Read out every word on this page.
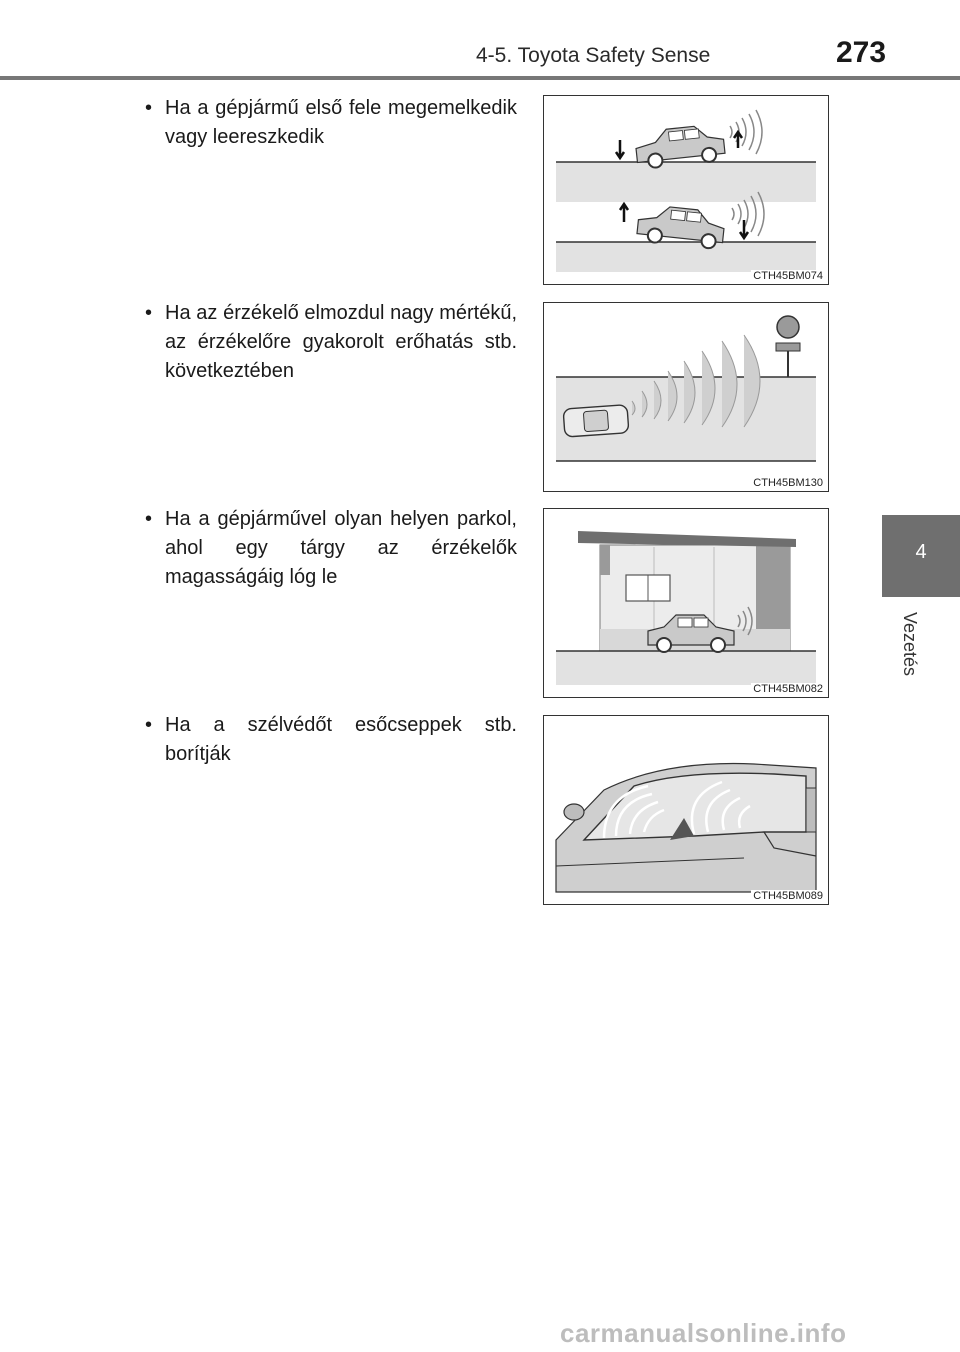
4-5. Toyota Safety Sense	273
4
Vezetés
• Ha a gépjármű első fele megemelkedik vagy leereszkedik
CTH45BM074
• Ha az érzékelő elmozdul nagy mértékű, az érzékelőre gyakorolt erőhatás stb. következtében
CTH45BM130
• Ha a gépjárművel olyan helyen parkol, ahol egy tárgy az érzékelők magasságáig lóg le
CTH45BM082
• Ha a szélvédőt esőcseppek stb. borítják
CTH45BM089
carmanualsonline.info
